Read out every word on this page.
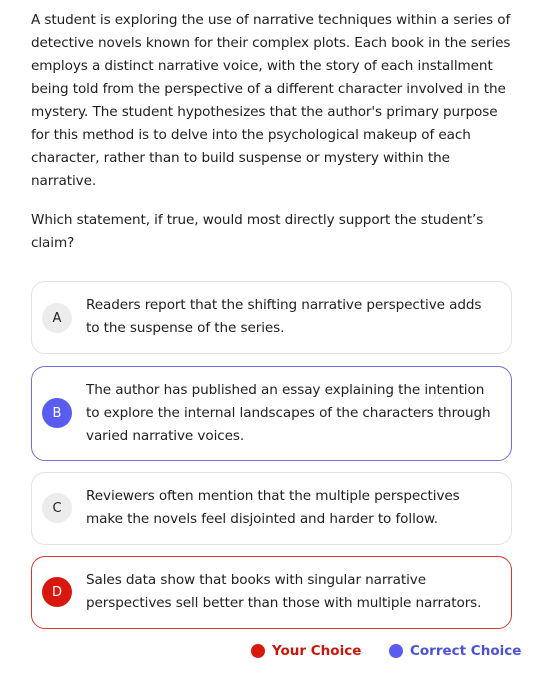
A student is exploring the use of narrative techniques within a series of detective novels known for their complex plots. Each book in the series employs a distinct narrative voice, with the story of each installment being told from the perspective of a different character involved in the mystery. The student hypothesizes that the author's primary purpose for this method is to delve into the psychological makeup of each character, rather than to build suspense or mystery within the narrative.

Which statement, if true, would most directly support the student’s claim?

A
Readers report that the shifting narrative perspective adds to the suspense of the series.
B
The author has published an essay explaining the intention to explore the internal landscapes of the characters through varied narrative voices.
C
Reviewers often mention that the multiple perspectives make the novels feel disjointed and harder to follow.
D
Sales data show that books with singular narrative perspectives sell better than those with multiple narrators.
Your Choice	Correct Choice
